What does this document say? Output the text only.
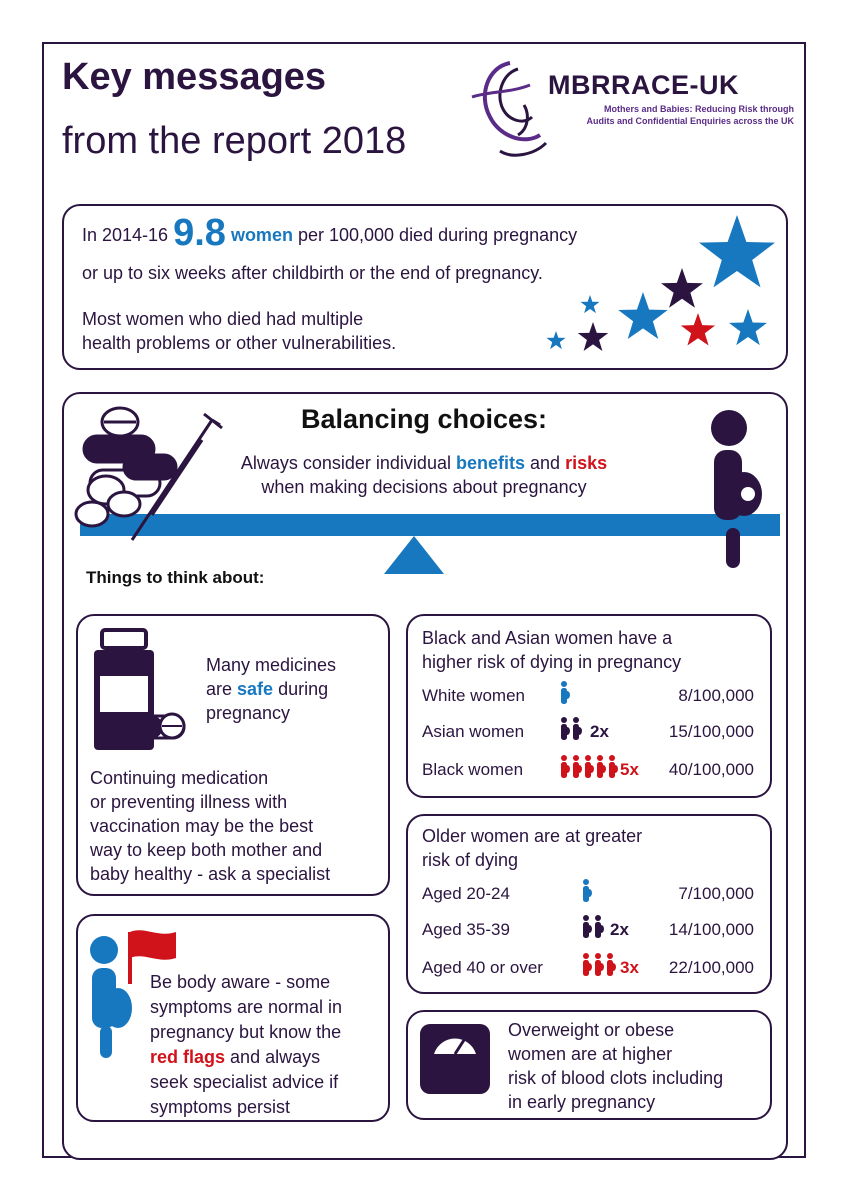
Key messages
from the report 2018
MBRRACE-UK
Mothers and Babies: Reducing Risk through
Audits and Confidential Enquiries across the UK
In 2014-16 9.8 women per 100,000 died during pregnancy
or up to six weeks after childbirth or the end of pregnancy.
Most women who died had multiple
health problems or other vulnerabilities.
Balancing choices:
Always consider individual benefits and risks
when making decisions about pregnancy
Things to think about:
Many medicines
are safe during
pregnancy
Continuing medication
or preventing illness with
vaccination may be the best
way to keep both mother and
baby healthy - ask a specialist
Be body aware - some
symptoms are normal in
pregnancy but know the
red flags and always
seek specialist advice if
symptoms persist
Black and Asian women have a
higher risk of dying in pregnancy
White women
Asian women
Black women
8/100,000
15/100,000
40/100,000
2x
5x
Older women are at greater
risk of dying
Aged 20-24
Aged 35-39
Aged 40 or over
7/100,000
14/100,000
22/100,000
2x
3x
Overweight or obese
women are at higher
risk of blood clots including
in early pregnancy
